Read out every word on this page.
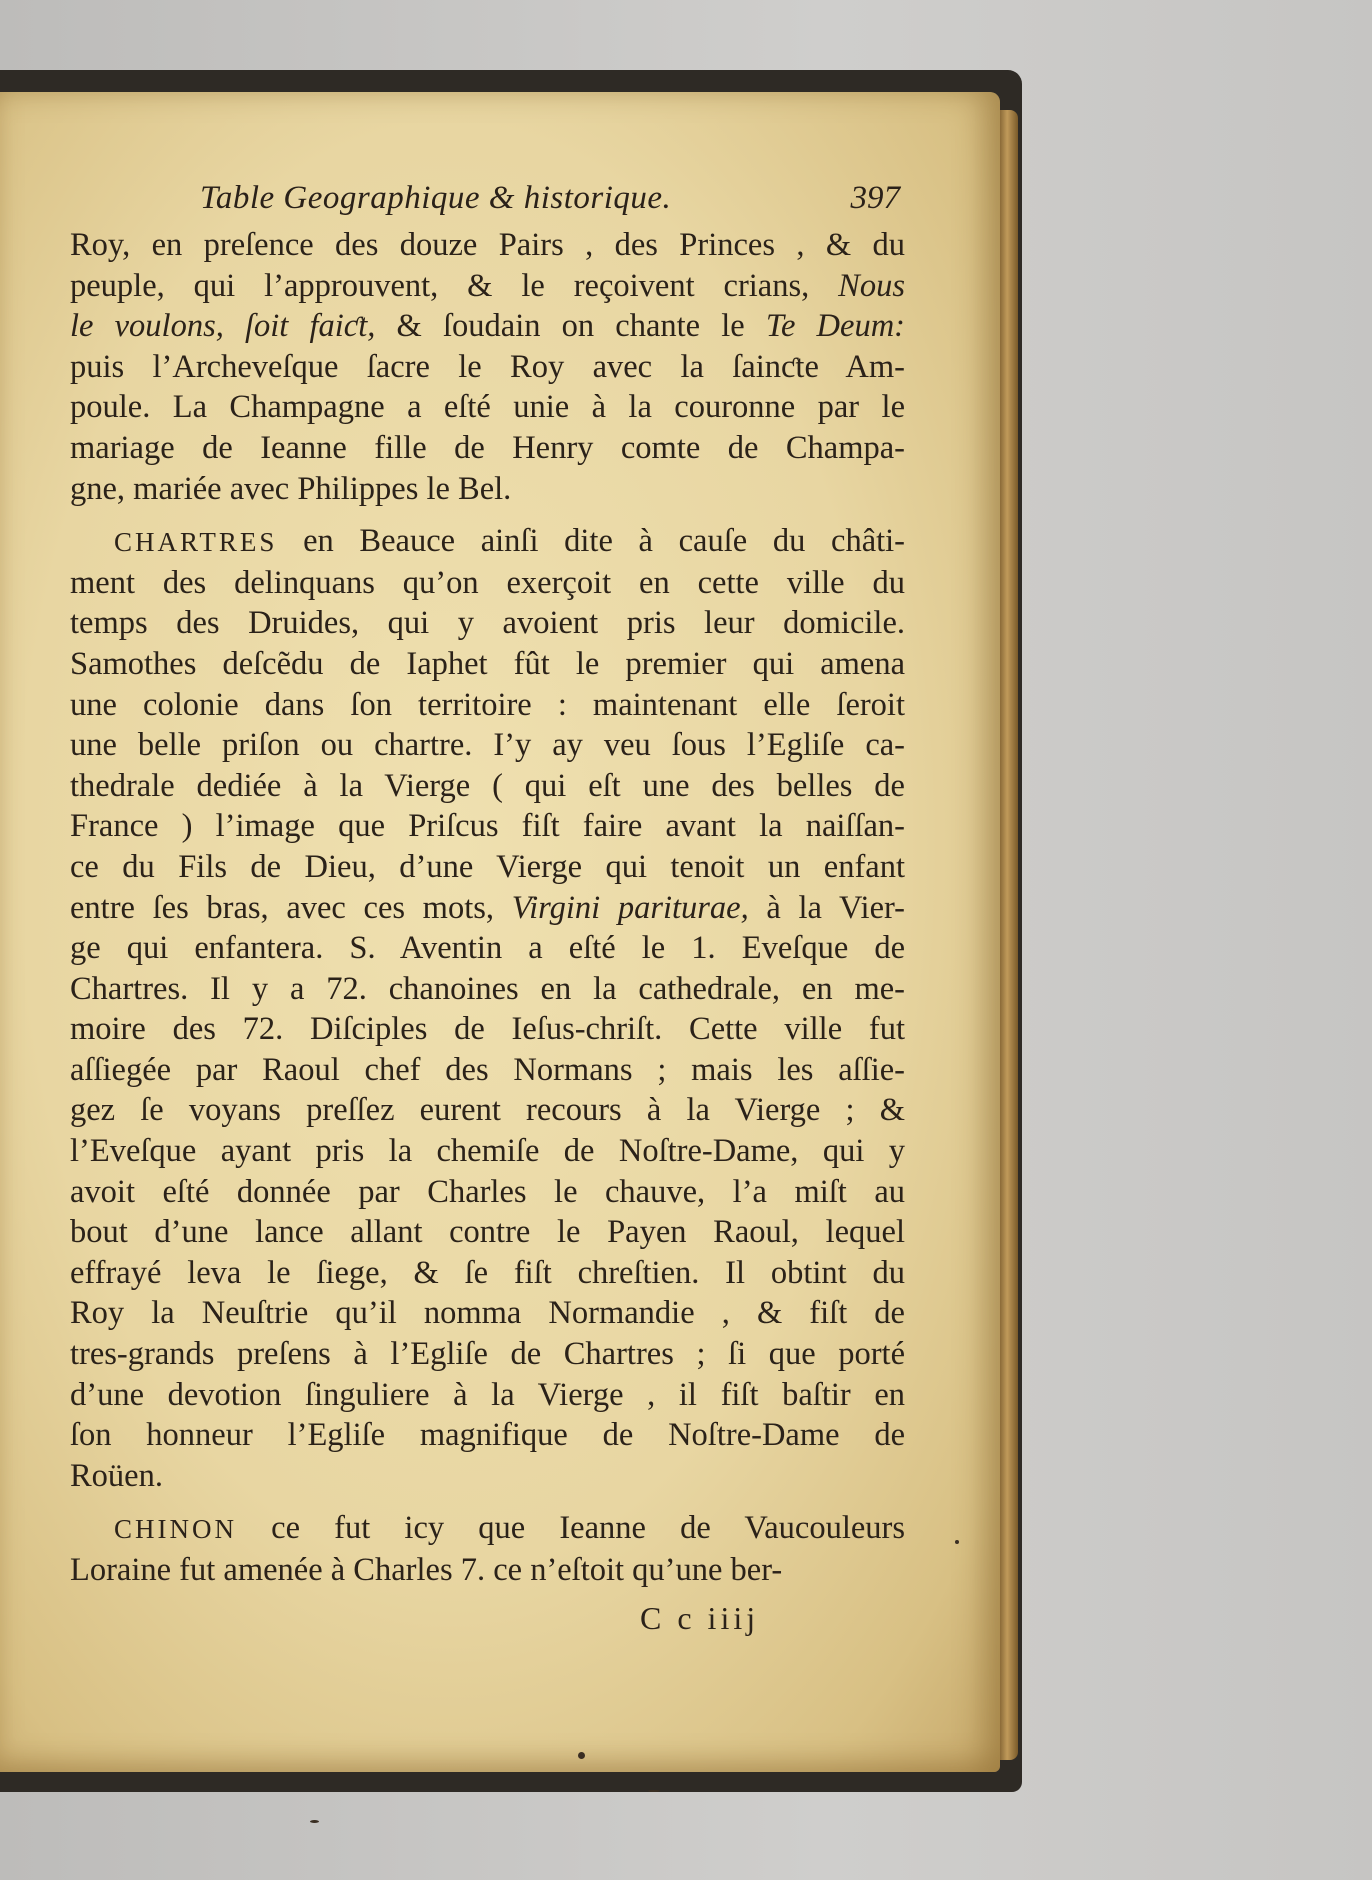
Table Geographique & historique.	397
Roy, en preſence des douze Pairs , des Princes , & du
peuple, qui l’approuvent, & le reçoivent crians, Nous
le voulons, ſoit faiƈt, & ſoudain on chante le Te Deum:
puis l’Archeveſque ſacre le Roy avec la ſainƈte Am-
poule. La Champagne a eſté unie à la couronne par le
mariage de Ieanne fille de Henry comte de Champa-
gne, mariée avec Philippes le Bel.
CHARTRES en Beauce ainſi dite à cauſe du châti-
ment des delinquans qu’on exerçoit en cette ville du
temps des Druides, qui y avoient pris leur domicile.
Samothes deſcẽdu de Iaphet fût le premier qui amena
une colonie dans ſon territoire : maintenant elle ſeroit
une belle priſon ou chartre. I’y ay veu ſous l’Egliſe ca-
thedrale dediée à la Vierge ( qui eſt une des belles de
France ) l’image que Priſcus fiſt faire avant la naiſſan-
ce du Fils de Dieu, d’une Vierge qui tenoit un enfant
entre ſes bras, avec ces mots, Virgini pariturae, à la Vier-
ge qui enfantera. S. Aventin a eſté le 1. Eveſque de
Chartres. Il y a 72. chanoines en la cathedrale, en me-
moire des 72. Diſciples de Ieſus-chriſt. Cette ville fut
aſſiegée par Raoul chef des Normans ; mais les aſſie-
gez ſe voyans preſſez eurent recours à la Vierge ; &
l’Eveſque ayant pris la chemiſe de Noſtre-Dame, qui y
avoit eſté donnée par Charles le chauve, l’a miſt au
bout d’une lance allant contre le Payen Raoul, lequel
effrayé leva le ſiege, & ſe fiſt chreſtien. Il obtint du
Roy la Neuſtrie qu’il nomma Normandie , & fiſt de
tres-grands preſens à l’Egliſe de Chartres ; ſi que porté
d’une devotion ſinguliere à la Vierge , il fiſt baſtir en
ſon honneur l’Egliſe magnifique de Noſtre-Dame de
Roüen.
CHINON ce fut icy que Ieanne de Vaucouleurs
Loraine fut amenée à Charles 7. ce n’eſtoit qu’une ber-
C c iiij
